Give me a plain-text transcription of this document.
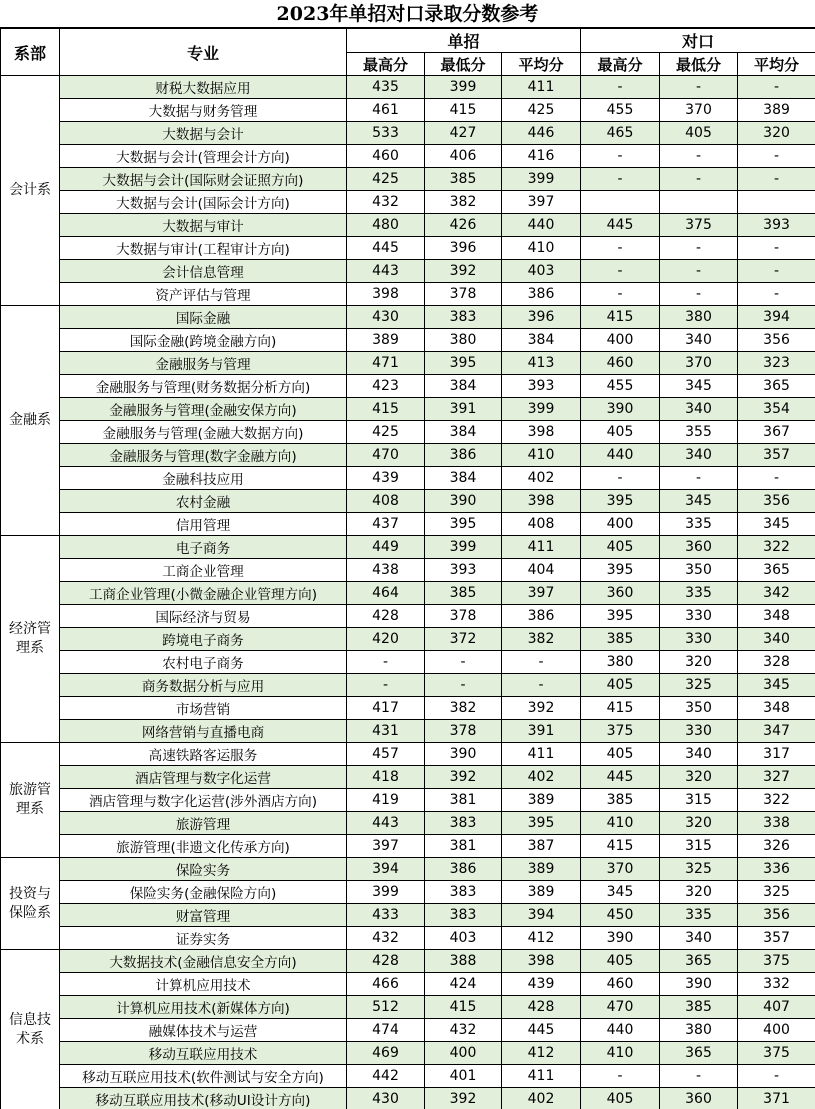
2023年单招对口录取分数参考
系部	专业	单招			对口		
		最高分	最低分	平均分	最高分	最低分	平均分
会计系	财税大数据应用	435	399	411	-	-	-
	大数据与财务管理	461	415	425	455	370	389
	大数据与会计	533	427	446	465	405	320
	大数据与会计(管理会计方向)	460	406	416	-	-	-
	大数据与会计(国际财会证照方向)	425	385	399	-	-	-
	大数据与会计(国际会计方向)	432	382	397			
	大数据与审计	480	426	440	445	375	393
	大数据与审计(工程审计方向)	445	396	410	-	-	-
	会计信息管理	443	392	403	-	-	-
	资产评估与管理	398	378	386	-	-	-
金融系	国际金融	430	383	396	415	380	394
	国际金融(跨境金融方向)	389	380	384	400	340	356
	金融服务与管理	471	395	413	460	370	323
	金融服务与管理(财务数据分析方向)	423	384	393	455	345	365
	金融服务与管理(金融安保方向)	415	391	399	390	340	354
	金融服务与管理(金融大数据方向)	425	384	398	405	355	367
	金融服务与管理(数字金融方向)	470	386	410	440	340	357
	金融科技应用	439	384	402	-	-	-
	农村金融	408	390	398	395	345	356
	信用管理	437	395	408	400	335	345
经济管理系	电子商务	449	399	411	405	360	322
	工商企业管理	438	393	404	395	350	365
	工商企业管理(小微金融企业管理方向)	464	385	397	360	335	342
	国际经济与贸易	428	378	386	395	330	348
	跨境电子商务	420	372	382	385	330	340
	农村电子商务	-	-	-	380	320	328
	商务数据分析与应用	-	-	-	405	325	345
	市场营销	417	382	392	415	350	348
	网络营销与直播电商	431	378	391	375	330	347
旅游管理系	高速铁路客运服务	457	390	411	405	340	317
	酒店管理与数字化运营	418	392	402	445	320	327
	酒店管理与数字化运营(涉外酒店方向)	419	381	389	385	315	322
	旅游管理	443	383	395	410	320	338
	旅游管理(非遗文化传承方向)	397	381	387	415	315	326
投资与保险系	保险实务	394	386	389	370	325	336
	保险实务(金融保险方向)	399	383	389	345	320	325
	财富管理	433	383	394	450	335	356
	证券实务	432	403	412	390	340	357
信息技术系	大数据技术(金融信息安全方向)	428	388	398	405	365	375
	计算机应用技术	466	424	439	460	390	332
	计算机应用技术(新媒体方向)	512	415	428	470	385	407
	融媒体技术与运营	474	432	445	440	380	400
	移动互联应用技术	469	400	412	410	365	375
	移动互联应用技术(软件测试与安全方向)	442	401	411	-	-	-
	移动互联应用技术(移动UI设计方向)	430	392	402	405	360	371
